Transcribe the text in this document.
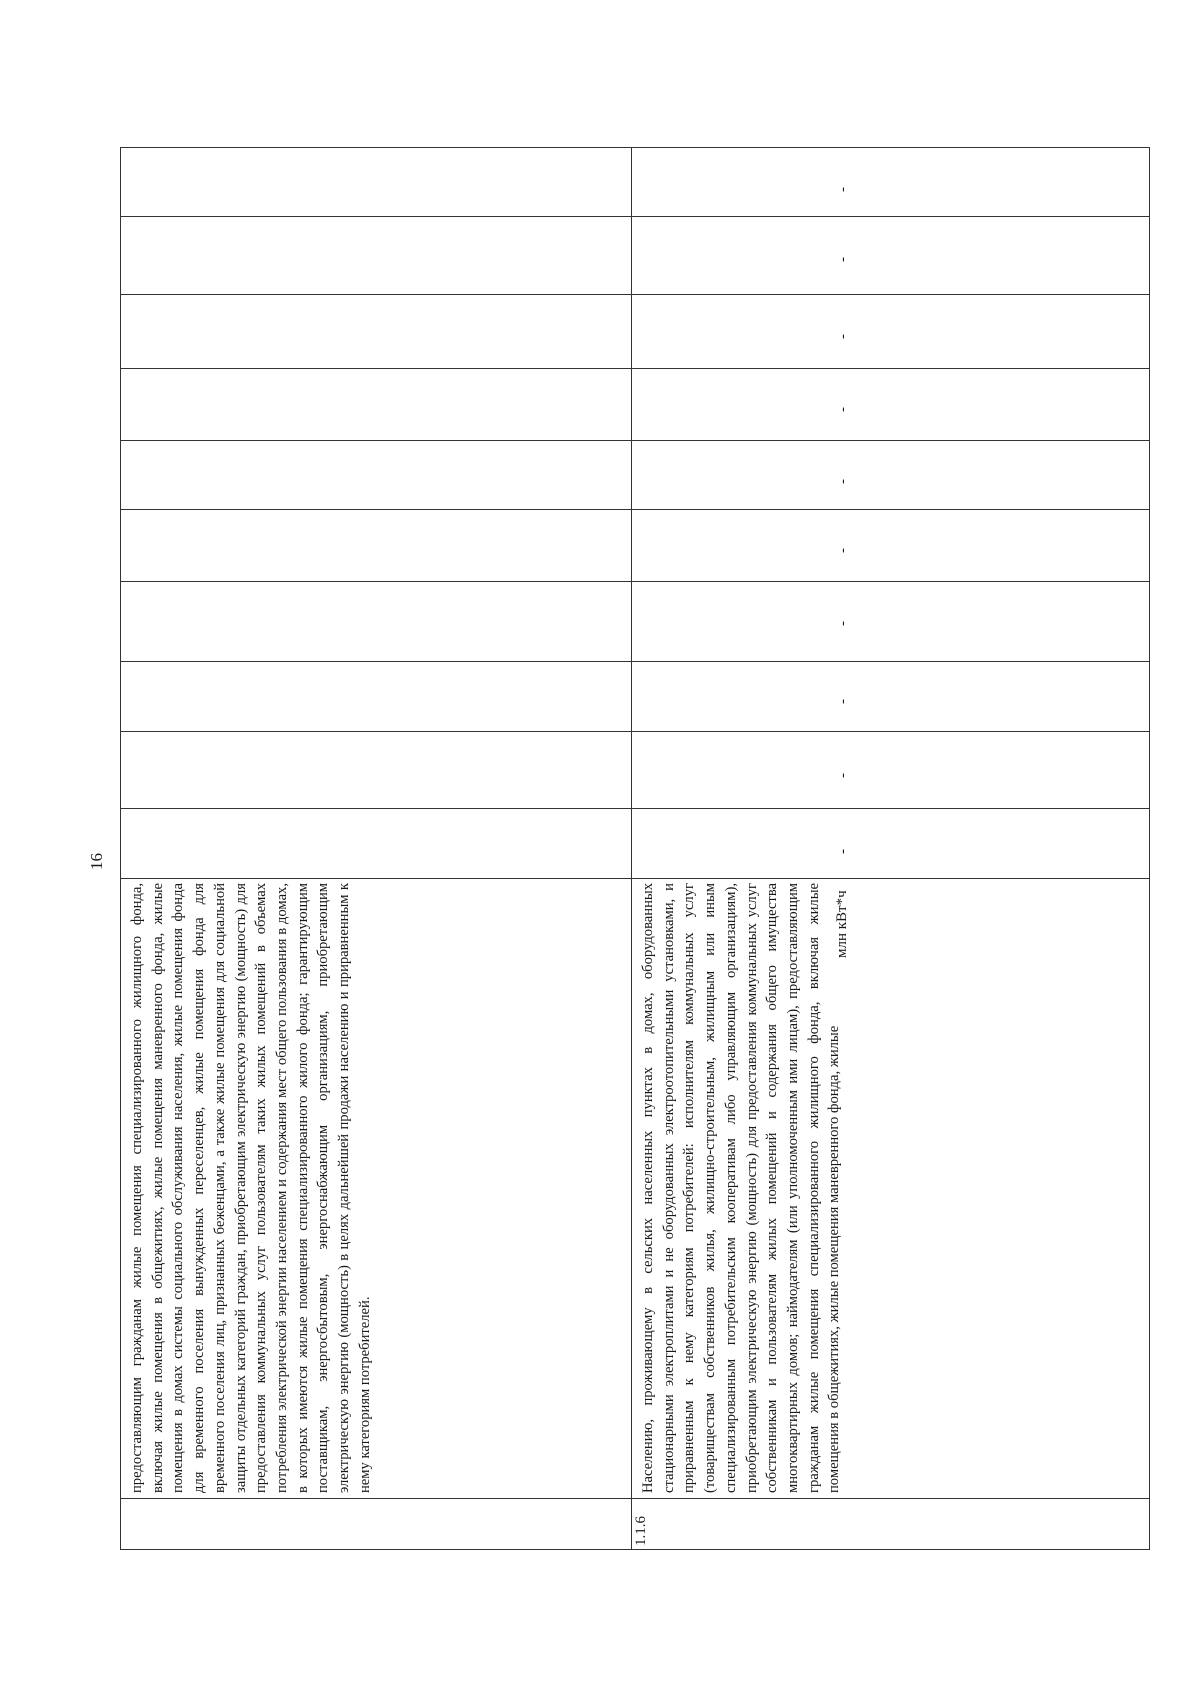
16
предоставляющим гражданам жилые помещения специализированного жилищного фонда, включая жилые помещения в общежитиях, жилые помещения маневренного фонда, жилые помещения в домах системы социального обслуживания населения, жилые помещения фонда для временного поселения вынужденных переселенцев, жилые помещения фонда для временного поселения лиц, признанных беженцами, а также жилые помещения для социальной защиты отдельных категорий граждан, приобретающим электрическую энергию (мощность) для предоставления коммунальных услуг пользователям таких жилых помещений в объемах потребления электрической энергии населением и содержания мест общего пользования в домах, в которых имеются жилые помещения специализированного жилого фонда; гарантирующим поставщикам, энергосбытовым, энергоснабжающим организациям, приобретающим электрическую энергию (мощность) в целях дальнейшей продажи населению и приравненным к нему категориям потребителей.
1.1.6
Населению, проживающему в сельских населенных пунктах в домах, оборудованных стационарными электроплитами и не оборудованных электроотопительными установками, и приравненным к нему категориям потребителей: исполнителям коммунальных услуг (товариществам собственников жилья, жилищно-строительным, жилищным или иным специализированным потребительским кооперативам либо управляющим организациям), приобретающим электрическую энергию (мощность) для предоставления коммунальных услуг собственникам и пользователям жилых помещений и содержания общего имущества многоквартирных домов; наймодателям (или уполномоченным ими лицам), предоставляющим гражданам жилые помещения специализированного жилищного фонда, включая жилые помещения в общежитиях, жилые помещения маневренного фонда, жилые
млн кВт*ч
-
-
-
-
-
-
-
-
-
-
